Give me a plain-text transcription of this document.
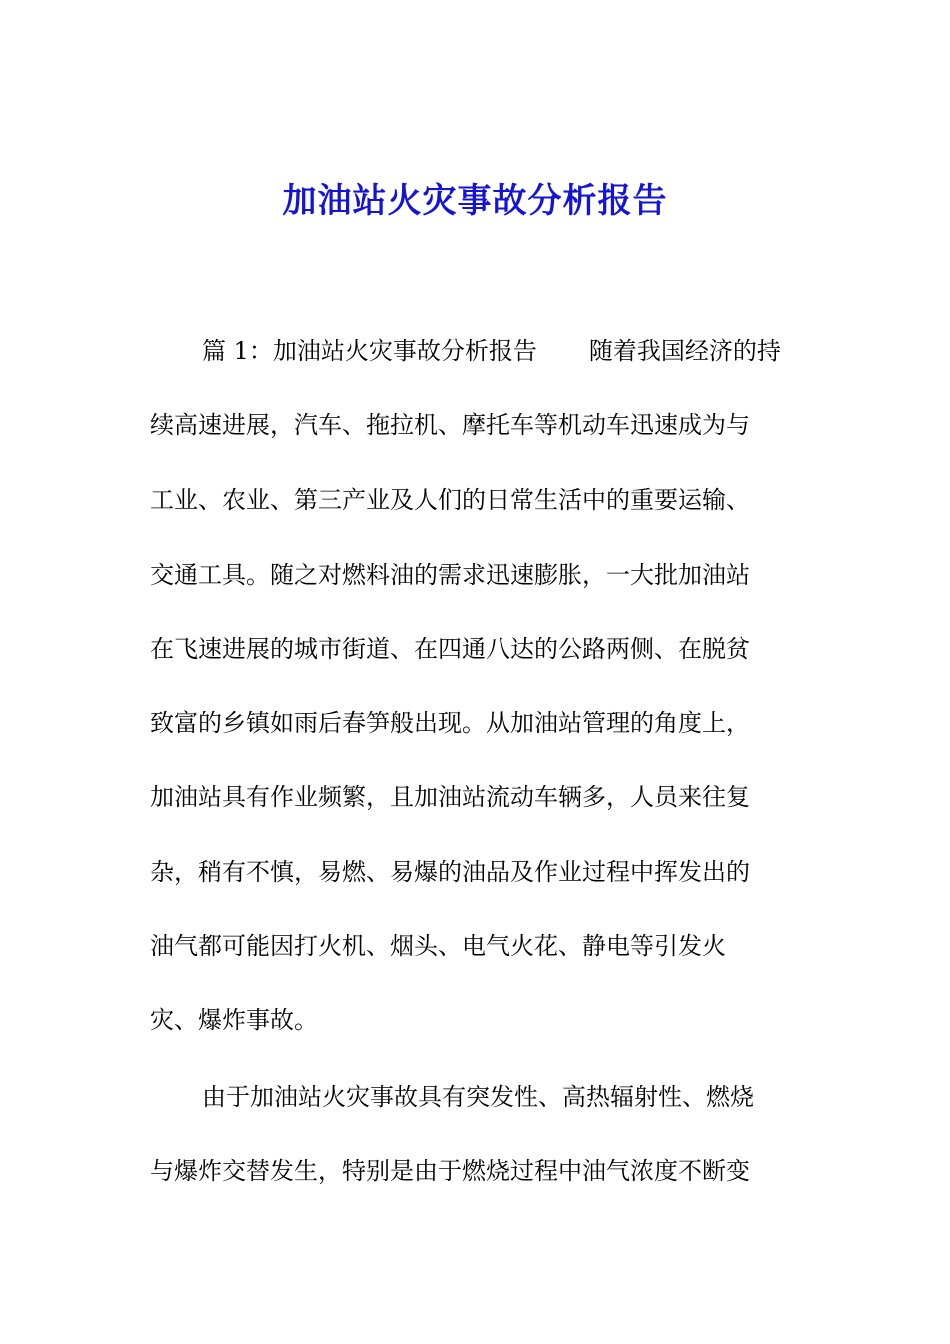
加油站火灾事故分析报告
篇 1：加油站火灾事故分析报告 随着我国经济的持
续高速进展，汽车、拖拉机、摩托车等机动车迅速成为与
工业、农业、第三产业及人们的日常生活中的重要运输、
交通工具。随之对燃料油的需求迅速膨胀，一大批加油站
在飞速进展的城市街道、在四通八达的公路两侧、在脱贫
致富的乡镇如雨后春笋般出现。从加油站管理的角度上，
加油站具有作业频繁，且加油站流动车辆多，人员来往复
杂，稍有不慎，易燃、易爆的油品及作业过程中挥发出的
油气都可能因打火机、烟头、电气火花、静电等引发火
灾、爆炸事故。
由于加油站火灾事故具有突发性、高热辐射性、燃烧
与爆炸交替发生，特别是由于燃烧过程中油气浓度不断变
